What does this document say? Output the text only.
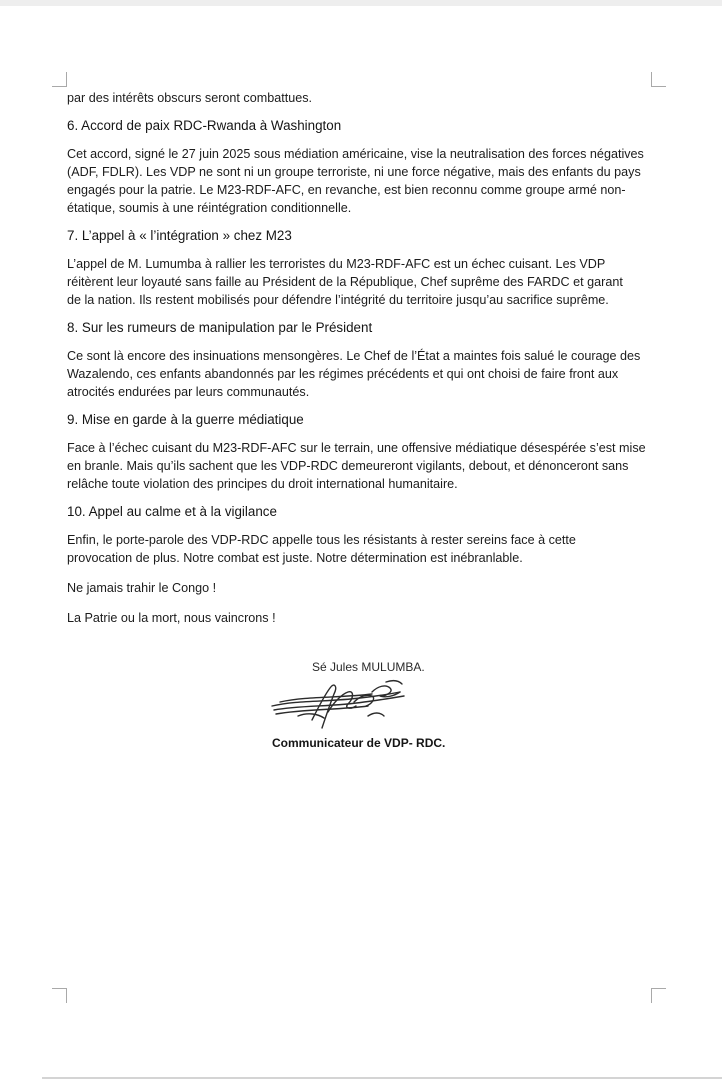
par des intérêts obscurs seront combattues.

6. Accord de paix RDC-Rwanda à Washington

Cet accord, signé le 27 juin 2025 sous médiation américaine, vise la neutralisation des forces négatives (ADF, FDLR). Les VDP ne sont ni un groupe terroriste, ni une force négative, mais des enfants du pays engagés pour la patrie. Le M23-RDF-AFC, en revanche, est bien reconnu comme groupe armé non-étatique, soumis à une réintégration conditionnelle.

7. L’appel à « l’intégration » chez M23

L’appel de M. Lumumba à rallier les terroristes du M23-RDF-AFC est un échec cuisant. Les VDP réitèrent leur loyauté sans faille au Président de la République, Chef suprême des FARDC et garant de la nation. Ils restent mobilisés pour défendre l’intégrité du territoire jusqu’au sacrifice suprême.

8. Sur les rumeurs de manipulation par le Président

Ce sont là encore des insinuations mensongères. Le Chef de l’État a maintes fois salué le courage des Wazalendo, ces enfants abandonnés par les régimes précédents et qui ont choisi de faire front aux atrocités endurées par leurs communautés.

9. Mise en garde à la guerre médiatique

Face à l’échec cuisant du M23-RDF-AFC sur le terrain, une offensive médiatique désespérée s’est mise en branle. Mais qu’ils sachent que les VDP-RDC demeureront vigilants, debout, et dénonceront sans relâche toute violation des principes du droit international humanitaire.

10. Appel au calme et à la vigilance

Enfin, le porte-parole des VDP-RDC appelle tous les résistants à rester sereins face à cette provocation de plus. Notre combat est juste. Notre détermination est inébranlable.

Ne jamais trahir le Congo !

La Patrie ou la mort, nous vaincrons !

Sé Jules MULUMBA.
Communicateur de VDP- RDC.
